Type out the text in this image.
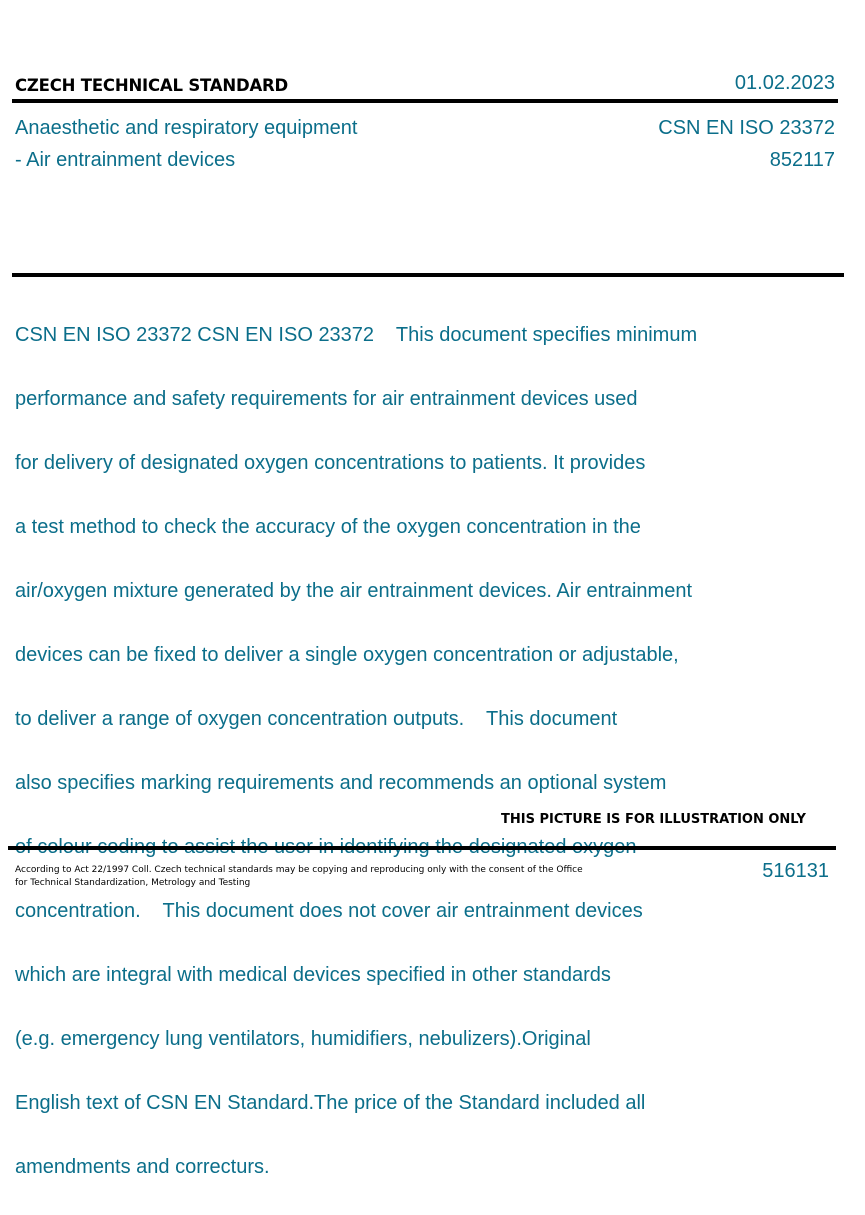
CZECH TECHNICAL STANDARD	01.02.2023
Anaesthetic and respiratory equipment
- Air entrainment devices
CSN EN ISO 23372
852117

CSN EN ISO 23372 CSN EN ISO 23372    This document specifies minimum

performance and safety requirements for air entrainment devices used

for delivery of designated oxygen concentrations to patients. It provides

a test method to check the accuracy of the oxygen concentration in the

air/oxygen mixture generated by the air entrainment devices. Air entrainment

devices can be fixed to deliver a single oxygen concentration or adjustable,

to deliver a range of oxygen concentration outputs.    This document

also specifies marking requirements and recommends an optional system

concentration.    This document does not cover air entrainment devices

which are integral with medical devices specified in other standards

(e.g. emergency lung ventilators, humidifiers, nebulizers).Original

English text of CSN EN Standard.The price of the Standard included all

amendments and correcturs.

THIS PICTURE IS FOR ILLUSTRATION ONLY
According to Act 22/1997 Coll. Czech technical standards may be copying and reproducing only with the consent of the Office
for Technical Standardization, Metrology and Testing
516131
